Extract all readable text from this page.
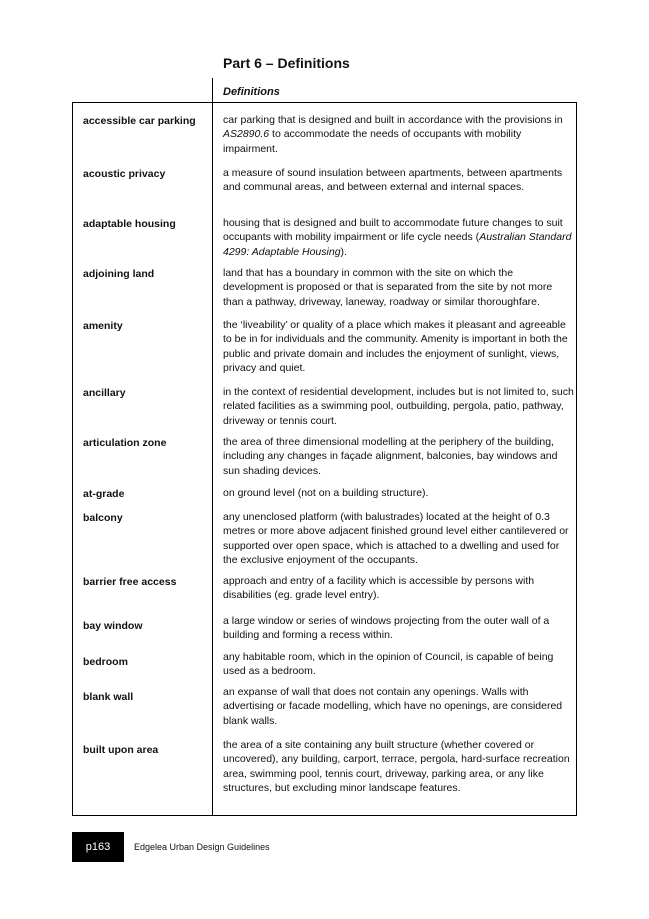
Part 6 – Definitions
Definitions
accessible car parking	car parking that is designed and built in accordance with the provisions in AS2890.6 to accommodate the needs of occupants with mobility impairment.
acoustic privacy	a measure of sound insulation between apartments, between apartments and communal areas, and between external and internal spaces.
adaptable housing	housing that is designed and built to accommodate future changes to suit occupants with mobility impairment or life cycle needs (Australian Standard 4299: Adaptable Housing).
adjoining land	land that has a boundary in common with the site on which the development is proposed or that is separated from the site by not more than a pathway, driveway, laneway, roadway or similar thoroughfare.
amenity	the ‘liveability’ or quality of a place which makes it pleasant and agreeable to be in for individuals and the community. Amenity is important in both the public and private domain and includes the enjoyment of sunlight, views, privacy and quiet.
ancillary	in the context of residential development, includes but is not limited to, such related facilities as a swimming pool, outbuilding, pergola, patio, pathway, driveway or tennis court.
articulation zone	the area of three dimensional modelling at the periphery of the building, including any changes in façade alignment, balconies, bay windows and sun shading devices.
at-grade	on ground level (not on a building structure).
balcony	any unenclosed platform (with balustrades) located at the height of 0.3 metres or more above adjacent finished ground level either cantilevered or supported over open space, which is attached to a dwelling and used for the exclusive enjoyment of the occupants.
barrier free access	approach and entry of a facility which is accessible by persons with disabilities (eg. grade level entry).
bay window	a large window or series of windows projecting from the outer wall of a building and forming a recess within.
bedroom	any habitable room, which in the opinion of Council, is capable of being used as a bedroom.
blank wall	an expanse of wall that does not contain any openings. Walls with advertising or facade modelling, which have no openings, are considered blank walls.
built upon area	the area of a site containing any built structure (whether covered or uncovered), any building, carport, terrace, pergola, hard-surface recreation area, swimming pool, tennis court, driveway, parking area, or any like structures, but excluding minor landscape features.
p163	Edgelea Urban Design Guidelines
